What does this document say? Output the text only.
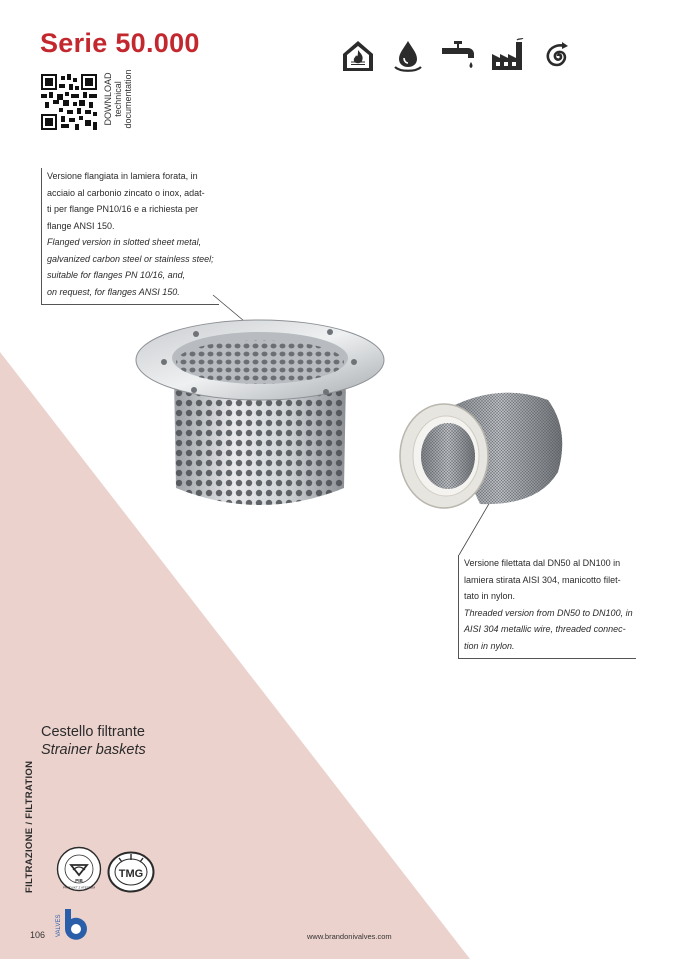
Serie 50.000
DOWNLOAD technical documentation

Versione flangiata in lamiera forata, in

acciaio al carbonio zincato o inox, adat-

ti per flange PN10/16 e a richiesta per

flange ANSI 150.

Flanged version in slotted sheet metal,

galvanized carbon steel or stainless steel;

suitable for flanges PN 10/16, and,

on request, for flanges ANSI 150.

Versione filettata dal DN50 al DN100 in

lamiera stirata AISI 304, manicotto filet-

tato in nylon.

Threaded version from DN50 to DN100, in

AISI 304 metallic wire, threaded connec-

tion in nylon.

Cestello filtrante
Strainer baskets
FILTRAZIONE / FILTRATION	PIB
PRODUKT Z ATESTEM
TMG
106 VALVES	www.brandonivalves.com
